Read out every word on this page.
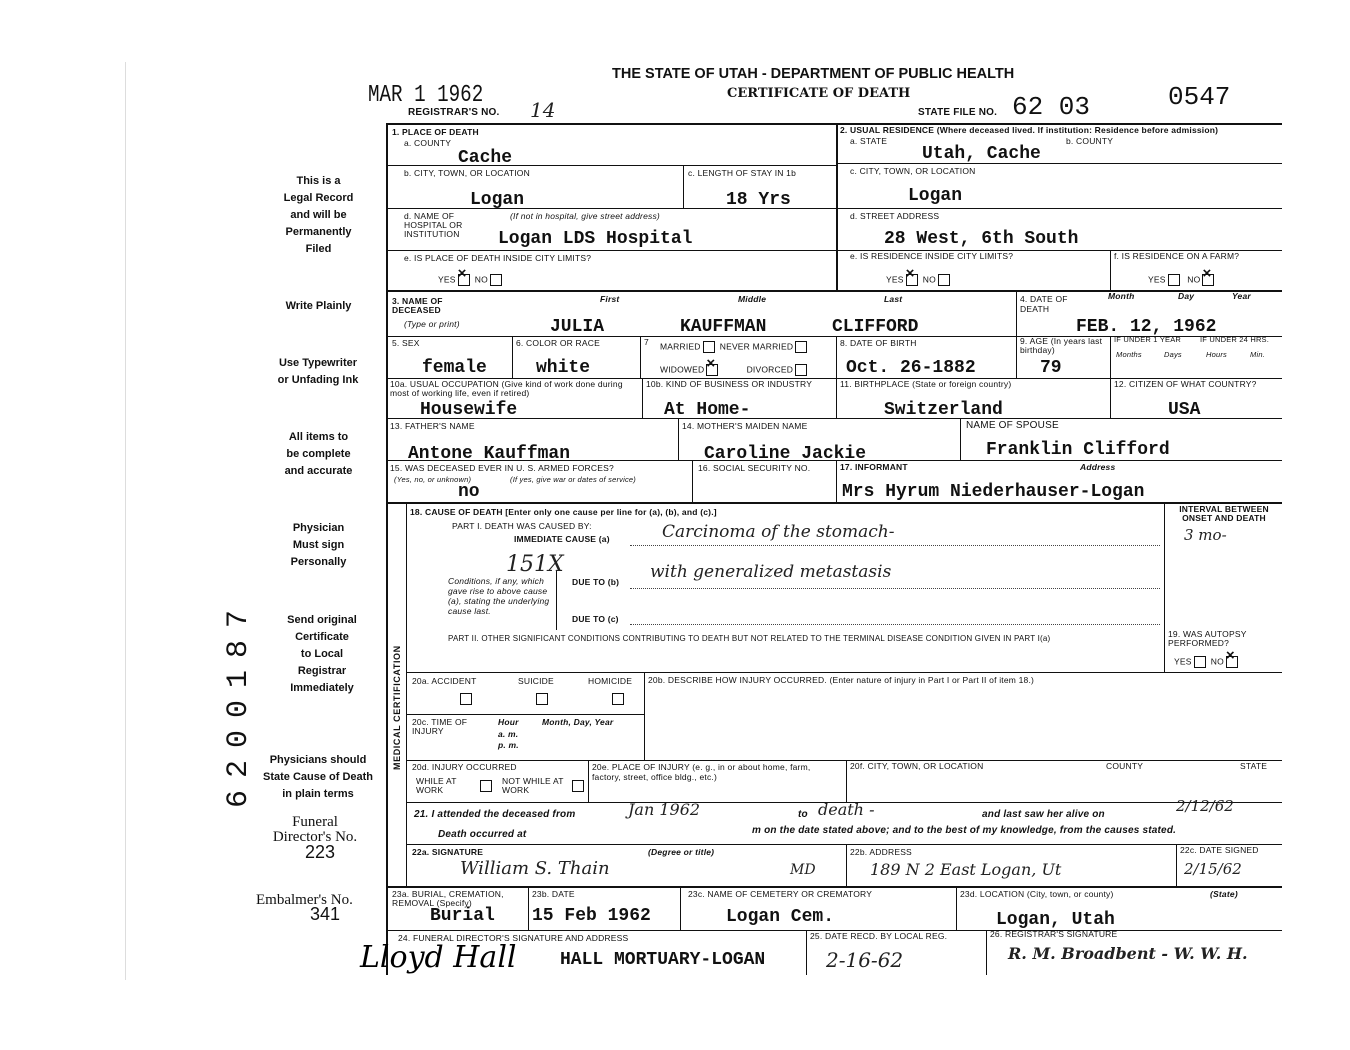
MAR 1 1962
REGISTRAR'S NO. 14
THE STATE OF UTAH - DEPARTMENT OF PUBLIC HEALTH
CERTIFICATE OF DEATH
STATE FILE NO. 62 03	0547
This is a
Legal Record
and will be
Permanently
Filed
Write Plainly
Use Typewriter
or Unfading Ink
All items to
be complete
and accurate
Physician
Must sign
Personally
Send original
Certificate
to Local
Registrar
Immediately
Physicians should
State Cause of Death
in plain terms
6200187
Funeral
Director's No.
223
Embalmer's No.
341
MEDICAL CERTIFICATION
1. PLACE OF DEATH
a. COUNTY
Cache
2. USUAL RESIDENCE (Where deceased lived. If institution: Residence before admission)
a. STATE	b. COUNTY
Utah, Cache
b. CITY, TOWN, OR LOCATION
Logan
c. LENGTH OF STAY IN 1b
18 Yrs
c. CITY, TOWN, OR LOCATION
Logan
d. NAME OF HOSPITAL OR INSTITUTION
(If not in hospital, give street address)
Logan LDS Hospital
d. STREET ADDRESS
28 West, 6th South
e. IS PLACE OF DEATH INSIDE CITY LIMITS?
YES × NO
e. IS RESIDENCE INSIDE CITY LIMITS?
YES × NO
f. IS RESIDENCE ON A FARM?
YES	NO×
3. NAME OF DECEASED
(Type or print)
First	Middle	Last
JULIA	KAUFFMAN	CLIFFORD
4. DATE OF DEATH
Month	Day	Year
FEB. 12, 1962
5. SEX
female
6. COLOR OR RACE
white
7 MARRIED NEVER MARRIED
WIDOWED ×	DIVORCED
8. DATE OF BIRTH
Oct. 26-1882
9. AGE (In years last birthday)
79
IF UNDER 1 YEAR	IF UNDER 24 HRS.
Months	Days	Hours	Min.
10a. USUAL OCCUPATION (Give kind of work done during most of working life, even if retired)
Housewife
10b. KIND OF BUSINESS OR INDUSTRY
At Home-
11. BIRTHPLACE (State or foreign country)
Switzerland
12. CITIZEN OF WHAT COUNTRY?
USA
13. FATHER'S NAME
Antone Kauffman
14. MOTHER'S MAIDEN NAME
Caroline Jackie
NAME OF SPOUSE
Franklin Clifford
15. WAS DECEASED EVER IN U. S. ARMED FORCES?
(Yes, no, or unknown)	(If yes, give war or dates of service)
no
16. SOCIAL SECURITY NO.	17. INFORMANT	Address
Mrs Hyrum Niederhauser-Logan
18. CAUSE OF DEATH [Enter only one cause per line for (a), (b), and (c).]
PART I. DEATH WAS CAUSED BY:
IMMEDIATE CAUSE (a)	Carcinoma of the stomach-
INTERVAL BETWEEN ONSET AND DEATH
3 mo-
151X
Conditions, if any, which gave rise to above cause (a), stating the underlying cause last.
DUE TO (b) with generalized metastasis
DUE TO (c)
PART II. OTHER SIGNIFICANT CONDITIONS CONTRIBUTING TO DEATH BUT NOT RELATED TO THE TERMINAL DISEASE CONDITION GIVEN IN PART I(a)	19. WAS AUTOPSY PERFORMED?
YES NO×
20a. ACCIDENT	SUICIDE	HOMICIDE 20b. DESCRIBE HOW INJURY OCCURRED. (Enter nature of injury in Part I or Part II of item 18.)
20c. TIME OF INJURY
Hour	Month, Day, Year
a. m.
p. m.
20d. INJURY OCCURRED
WHILE AT WORK
NOT WHILE AT WORK
20e. PLACE OF INJURY (e. g., in or about home, farm, factory, street, office bldg., etc.)
20f. CITY, TOWN, OR LOCATION	COUNTY	STATE
21. I attended the deceased from	Jan 1962	to death -	and last saw her alive on	2/12/62
Death occurred at	m on the date stated above; and to the best of my knowledge, from the causes stated.
22a. SIGNATURE	(Degree or title)
William S. Thain	MD
22b. ADDRESS
189 N 2 East Logan, Ut
22c. DATE SIGNED
2/15/62
23a. BURIAL, CREMATION, REMOVAL (Specify)
Burial
23b. DATE
15 Feb 1962
23c. NAME OF CEMETERY OR CREMATORY
Logan Cem.
23d. LOCATION (City, town, or county)	(State)
Logan, Utah
24. FUNERAL DIRECTOR'S SIGNATURE AND ADDRESS
Lloyd Hall HALL MORTUARY-LOGAN
25. DATE RECD. BY LOCAL REG.
2-16-62
26. REGISTRAR'S SIGNATURE
R. M. Broadbent - W. W. H.
